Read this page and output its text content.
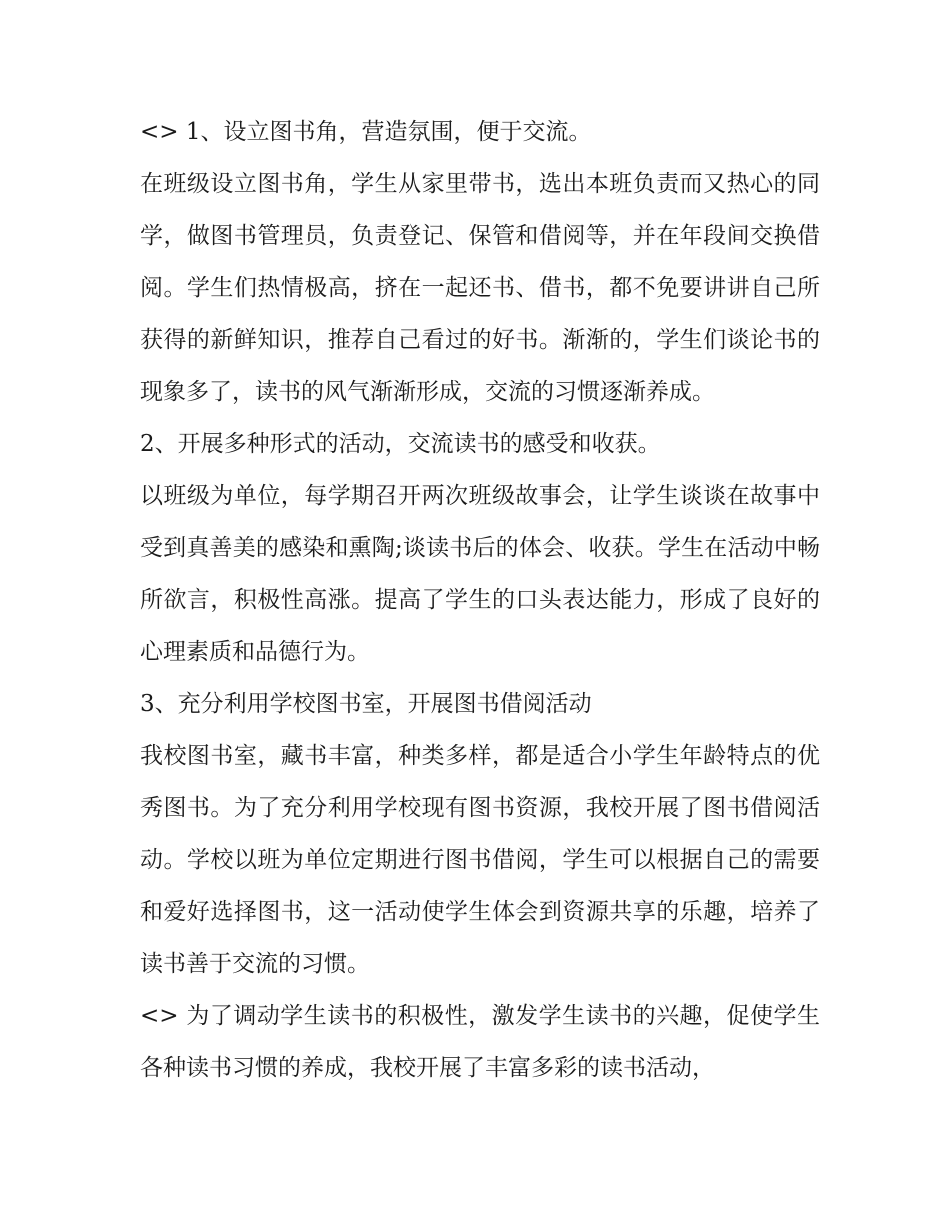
<> 1、设立图书角，营造氛围，便于交流。

在班级设立图书角，学生从家里带书，选出本班负责而又热心的同学，做图书管理员，负责登记、保管和借阅等，并在年段间交换借阅。学生们热情极高，挤在一起还书、借书，都不免要讲讲自己所获得的新鲜知识，推荐自己看过的好书。渐渐的，学生们谈论书的现象多了，读书的风气渐渐形成，交流的习惯逐渐养成。

2、开展多种形式的活动，交流读书的感受和收获。

以班级为单位，每学期召开两次班级故事会，让学生谈谈在故事中受到真善美的感染和熏陶;谈读书后的体会、收获。学生在活动中畅所欲言，积极性高涨。提高了学生的口头表达能力，形成了良好的心理素质和品德行为。

3、充分利用学校图书室，开展图书借阅活动

我校图书室，藏书丰富，种类多样，都是适合小学生年龄特点的优秀图书。为了充分利用学校现有图书资源，我校开展了图书借阅活动。学校以班为单位定期进行图书借阅，学生可以根据自己的需要和爱好选择图书，这一活动使学生体会到资源共享的乐趣，培养了读书善于交流的习惯。

<> 为了调动学生读书的积极性，激发学生读书的兴趣，促使学生各种读书习惯的养成，我校开展了丰富多彩的读书活动，
